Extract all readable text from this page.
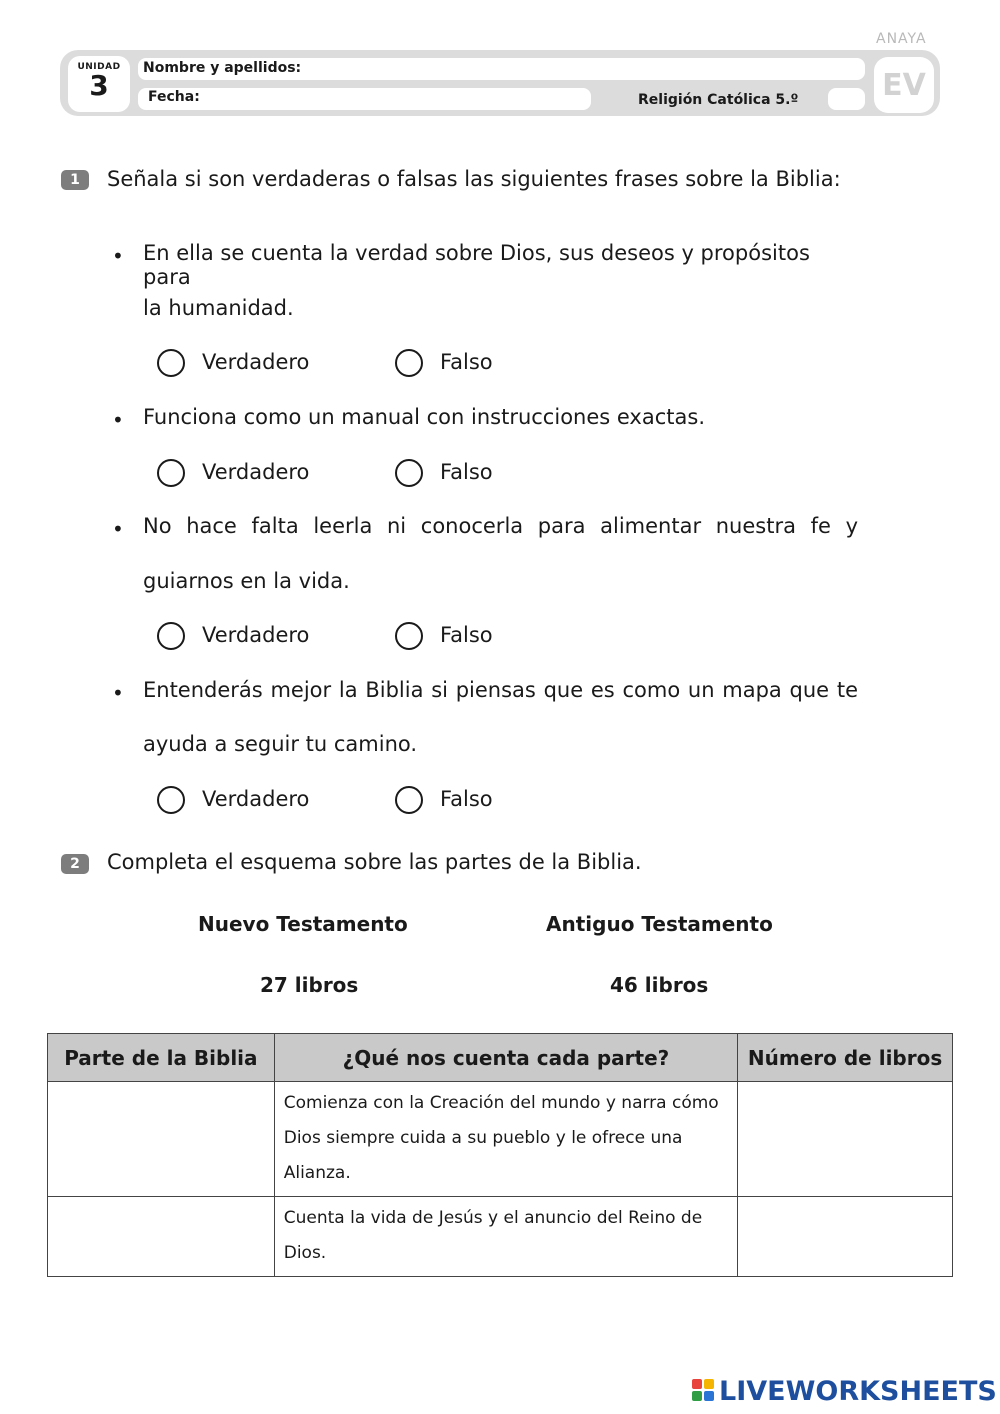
ANAYA
UNIDAD
3
Nombre y apellidos:
Fecha:	Religión Católica 5.º	EV
1	Señala si son verdaderas o falsas las siguientes frases sobre la Biblia:
• En ella se cuenta la verdad sobre Dios, sus deseos y propósitos para
la humanidad.
Verdadero	Falso
• Funciona como un manual con instrucciones exactas.
Verdadero	Falso
• No hace falta leerla ni conocerla para alimentar nuestra fe y
guiarnos en la vida.
Verdadero	Falso
• Entenderás mejor la Biblia si piensas que es como un mapa que te
ayuda a seguir tu camino.
Verdadero	Falso
2	Completa el esquema sobre las partes de la Biblia.
Nuevo Testamento	Antiguo Testamento
27 libros	46 libros
Parte de la Biblia	¿Qué nos cuenta cada parte?	Número de libros
	Comienza con la Creación del mundo y narra cómo Dios siempre cuida a su pueblo y le ofrece una Alianza.	
	Cuenta la vida de Jesús y el anuncio del Reino de Dios.	
LIVEWORKSHEETS
